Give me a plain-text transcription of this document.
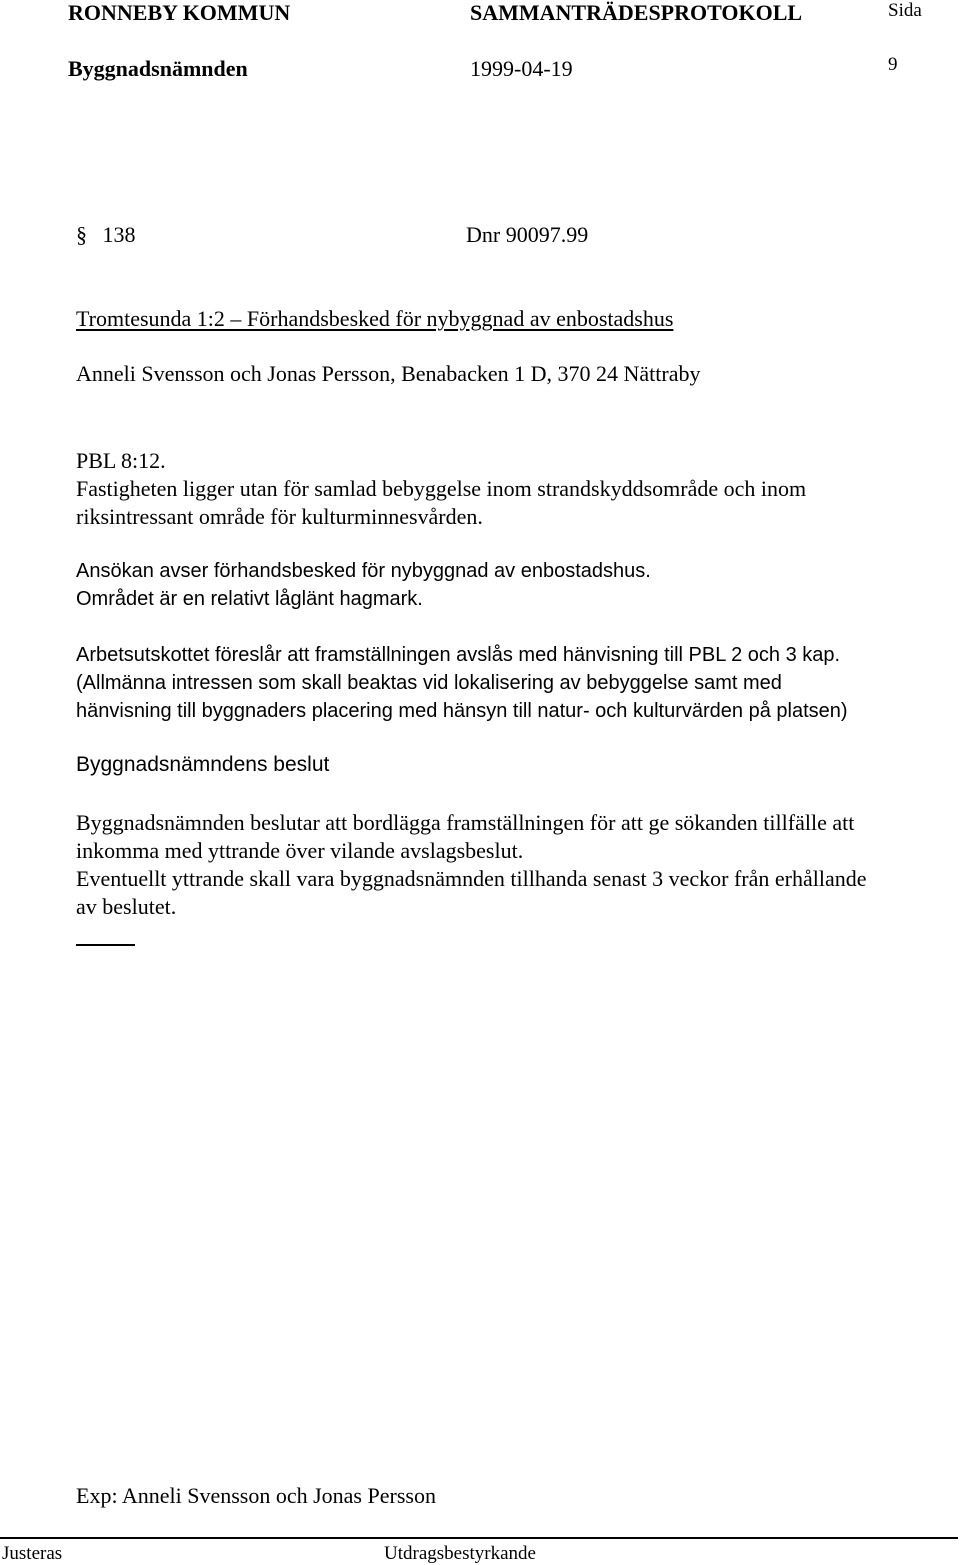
RONNEBY KOMMUN	SAMMANTRÄDESPROTOKOLL	Sida
Byggnadsnämnden	1999-04-19	9
§ 138	Dnr 90097.99
Tromtesunda 1:2 – Förhandsbesked för nybyggnad av enbostadshus
Anneli Svensson och Jonas Persson, Benabacken 1 D, 370 24 Nättraby
PBL 8:12.
Fastigheten ligger utan för samlad bebyggelse inom strandskyddsområde och inom
riksintressant område för kulturminnesvården.
Ansökan avser förhandsbesked för nybyggnad av enbostadshus.
Området är en relativt låglänt hagmark.
Arbetsutskottet föreslår att framställningen avslås med hänvisning till PBL 2 och 3 kap.
(Allmänna intressen som skall beaktas vid lokalisering av bebyggelse samt med
hänvisning till byggnaders placering med hänsyn till natur- och kulturvärden på platsen)
Byggnadsnämndens beslut
Byggnadsnämnden beslutar att bordlägga framställningen för att ge sökanden tillfälle att
inkomma med yttrande över vilande avslagsbeslut.
Eventuellt yttrande skall vara byggnadsnämnden tillhanda senast 3 veckor från erhållande
av beslutet.
Exp: Anneli Svensson och Jonas Persson
Justeras	Utdragsbestyrkande
